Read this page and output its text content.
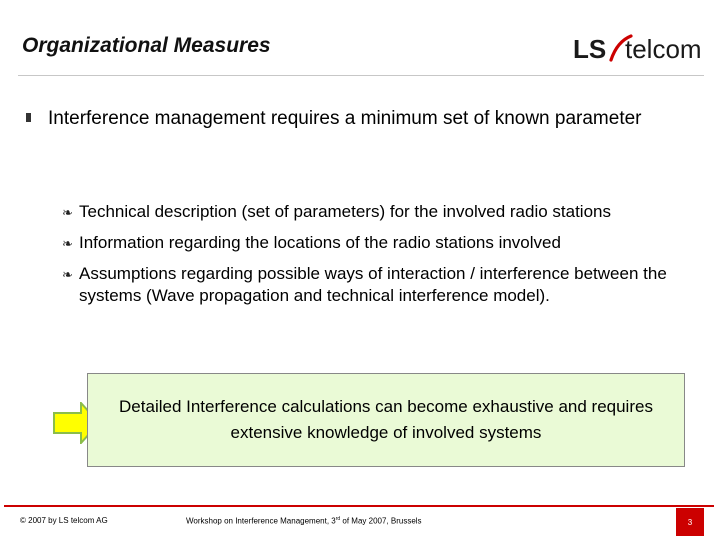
Organizational Measures	LS telcom
Interference management requires a minimum set of known parameter
❧ Technical description (set of parameters) for the involved radio stations
❧ Information regarding the locations of the radio stations involved
❧ Assumptions regarding possible ways of interaction / interference between the systems (Wave propagation and technical interference model).
Detailed Interference calculations can become exhaustive and requires extensive knowledge of involved systems
© 2007 by LS telcom AG	Workshop on Interference Management, 3rd of May 2007, Brussels	3
